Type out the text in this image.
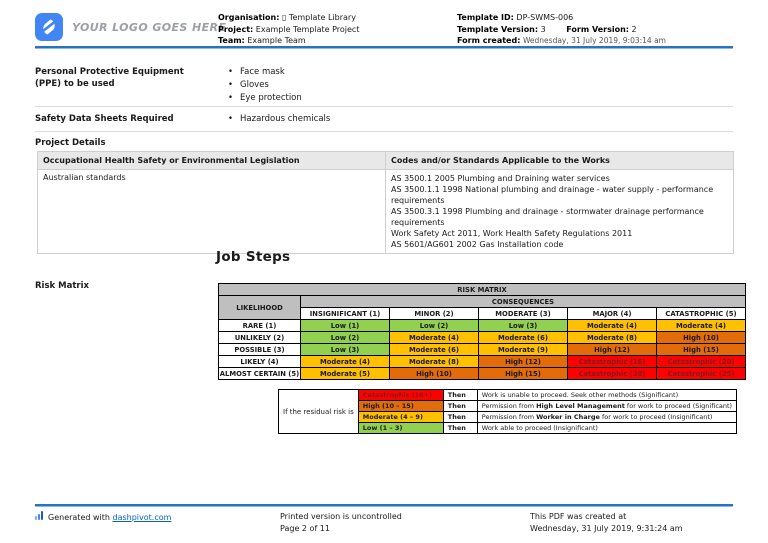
YOUR LOGO GOES HERE
Organisation: ▯ Template Library
Project: Example Template Project
Team: Example Team
Template ID: DP-SWMS-006
Template Version: 3	Form Version: 2
Form created: Wednesday, 31 July 2019, 9:03:14 am
Personal Protective Equipment (PPE) to be used
• Face mask
• Gloves
• Eye protection
Safety Data Sheets Required	• Hazardous chemicals
Project Details
Occupational Health Safety or Environmental Legislation	Codes and/or Standards Applicable to the Works
Australian standards	AS 3500.1 2005 Plumbing and Draining water services
AS 3500.1.1 1998 National plumbing and drainage - water supply - performance requirements
AS 3500.3.1 1998 Plumbing and drainage - stormwater drainage performance requirements
Work Safety Act 2011, Work Health Safety Regulations 2011
AS 5601/AG601 2002 Gas Installation code
Job Steps
Risk Matrix	RISK MATRIX					
LIKELIHOOD	CONSEQUENCES				
	INSIGNIFICANT (1)	MINOR (2)	MODERATE (3)	MAJOR (4)	CATASTROPHIC (5)
RARE (1)	Low (1)	Low (2)	Low (3)	Moderate (4)	Moderate (4)
UNLIKELY (2)	Low (2)	Moderate (4)	Moderate (6)	Moderate (8)	High (10)
POSSIBLE (3)	Low (3)	Moderate (6)	Moderate (9)	High (12)	High (15)
LIKELY (4)	Moderate (4)	Moderate (8)	High (12)	Catastrophic (16)	Catastrophic (20)
ALMOST CERTAIN (5)	Moderate (5)	High (10)	High (15)	Catastrophic (20)	Catastrophic (25)
If the residual risk is	Catastrophic (16+)	Then	Work is unable to proceed. Seek other methods (Significant)
	High (10 – 15)	Then	Permission from High Level Management for work to proceed (Significant)
	Moderate (4 – 9)	Then	Permission from Worker in Charge for work to proceed (Insignificant)
	Low (1 – 3)	Then	Work able to proceed (Insignificant)
Generated with dashpivot.com	Printed version is uncontrolled
Page 2 of 11
This PDF was created at
Wednesday, 31 July 2019, 9:31:24 am
